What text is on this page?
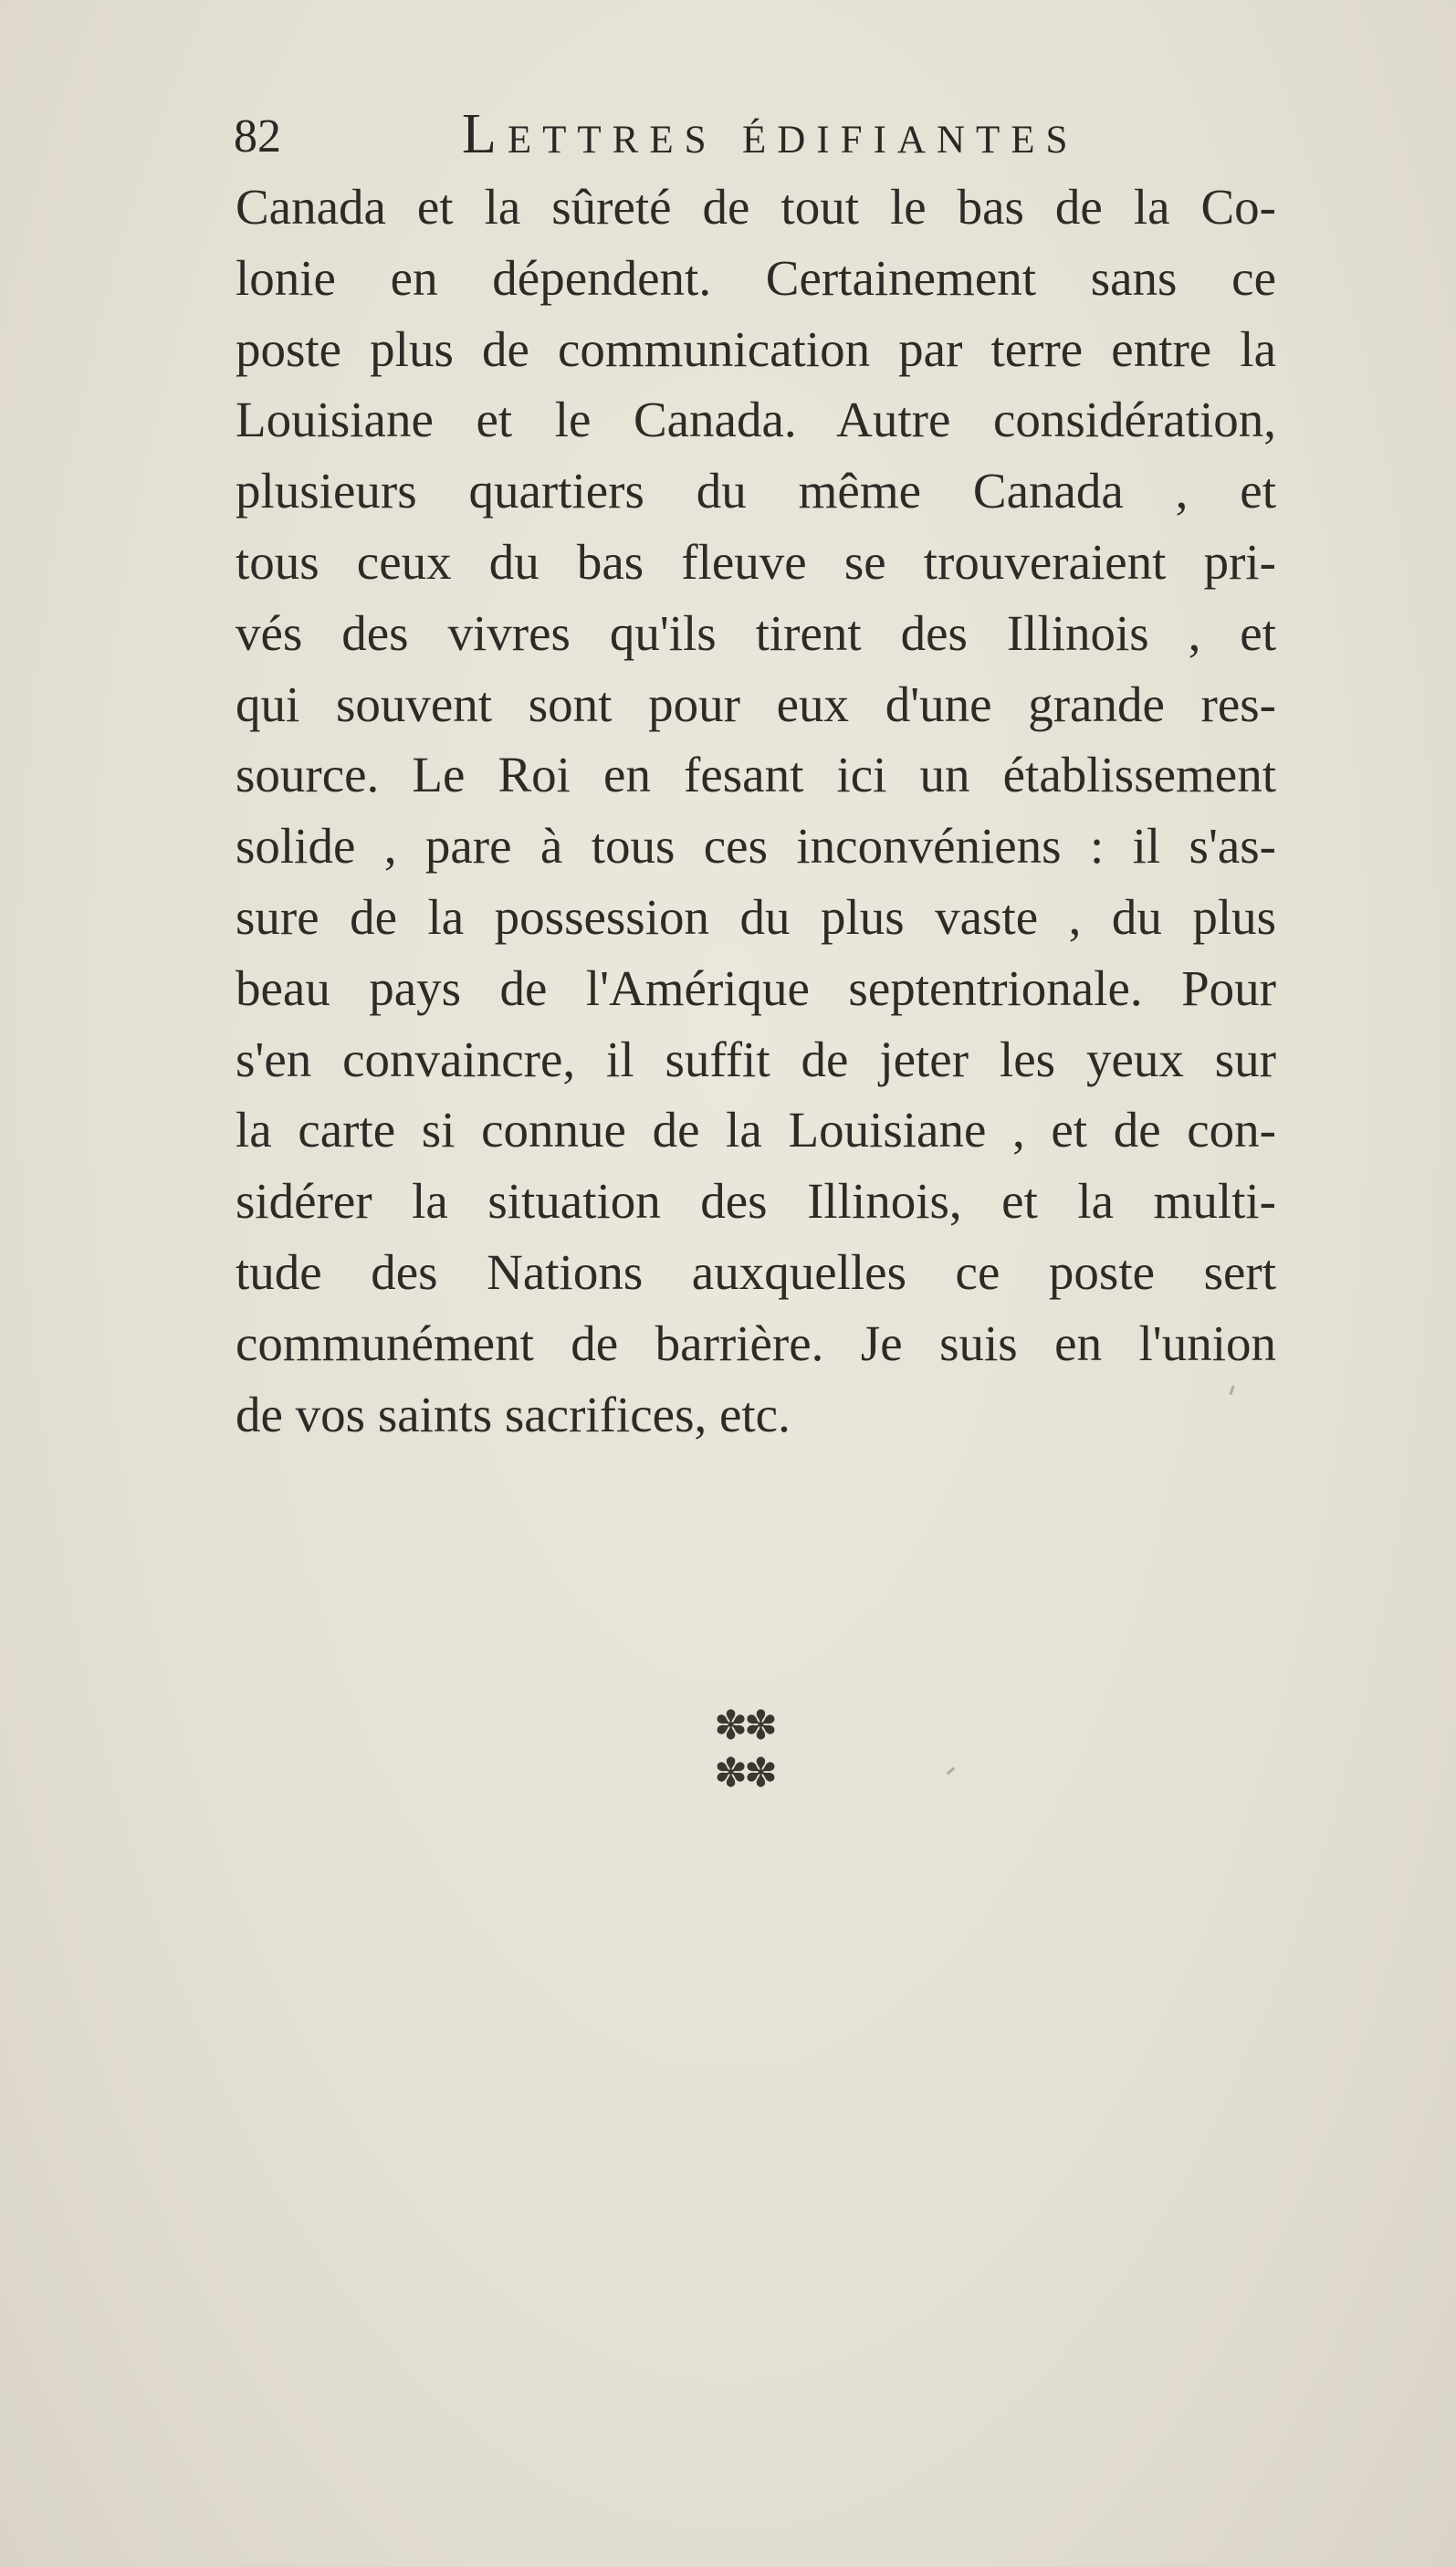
82	Lettres édifiantes
Canada et la sûreté de tout le bas de la Co-
lonie en dépendent. Certainement sans ce
poste plus de communication par terre entre la
Louisiane et le Canada. Autre considération,
plusieurs quartiers du même Canada , et
tous ceux du bas fleuve se trouveraient pri-
vés des vivres qu'ils tirent des Illinois , et
qui souvent sont pour eux d'une grande res-
source. Le Roi en fesant ici un établissement
solide , pare à tous ces inconvéniens : il s'as-
sure de la possession du plus vaste , du plus
beau pays de l'Amérique septentrionale. Pour
s'en convaincre, il suffit de jeter les yeux sur
la carte si connue de la Louisiane , et de con-
sidérer la situation des Illinois, et la multi-
tude des Nations auxquelles ce poste sert
communément de barrière. Je suis en l'union
de vos saints sacrifices, etc.
✽✽
✽✽
